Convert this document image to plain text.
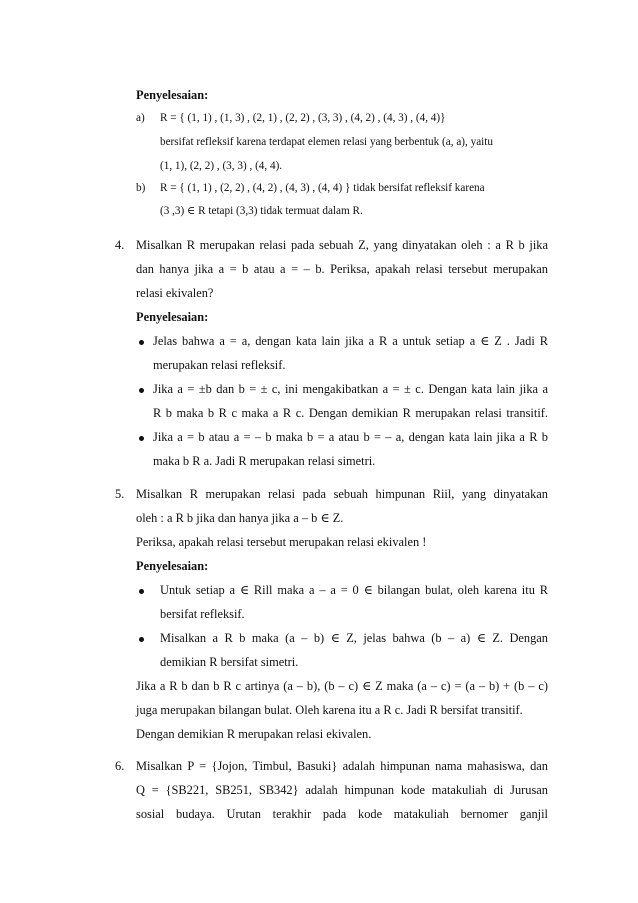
Penyelesaian:
a) R = { (1, 1) , (1, 3) , (2, 1) , (2, 2) , (3, 3) , (4, 2) , (4, 3) , (4, 4)}
bersifat refleksif karena terdapat elemen relasi yang berbentuk (a, a), yaitu
(1, 1), (2, 2) , (3, 3) , (4, 4).
b) R = { (1, 1) , (2, 2) , (4, 2) , (4, 3) , (4, 4) } tidak bersifat refleksif karena
(3 ,3) ∈ R tetapi (3,3) tidak termuat dalam R.
4. Misalkan R merupakan relasi pada sebuah Z, yang dinyatakan oleh : a R b jika
dan hanya jika a = b atau a = – b. Periksa, apakah relasi tersebut merupakan
relasi ekivalen?
Penyelesaian:
Jelas bahwa a = a, dengan kata lain jika a R a untuk setiap a ∈ Z . Jadi R
merupakan relasi refleksif.
Jika a = ±b dan b = ± c, ini mengakibatkan a = ± c. Dengan kata lain jika a
R b maka b R c maka a R c. Dengan demikian R merupakan relasi transitif.
Jika a = b atau a = – b maka b = a atau b = – a, dengan kata lain jika a R b
maka b R a. Jadi R merupakan relasi simetri.
5. Misalkan R merupakan relasi pada sebuah himpunan Riil, yang dinyatakan
oleh : a R b jika dan hanya jika a – b ∈ Z.
Periksa, apakah relasi tersebut merupakan relasi ekivalen !
Penyelesaian:
Untuk setiap a ∈ Rill maka a – a = 0 ∈ bilangan bulat, oleh karena itu R
bersifat refleksif.
Misalkan a R b maka (a – b) ∈ Z, jelas bahwa (b – a) ∈ Z. Dengan
demikian R bersifat simetri.
Jika a R b dan b R c artinya (a – b), (b – c) ∈ Z maka (a – c) = (a – b) + (b – c)
juga merupakan bilangan bulat. Oleh karena itu a R c. Jadi R bersifat transitif.
Dengan demikian R merupakan relasi ekivalen.
6. Misalkan P = {Jojon, Timbul, Basuki} adalah himpunan nama mahasiswa, dan
Q = {SB221, SB251, SB342} adalah himpunan kode matakuliah di Jurusan
sosial budaya. Urutan terakhir pada kode matakuliah bernomer ganjil
